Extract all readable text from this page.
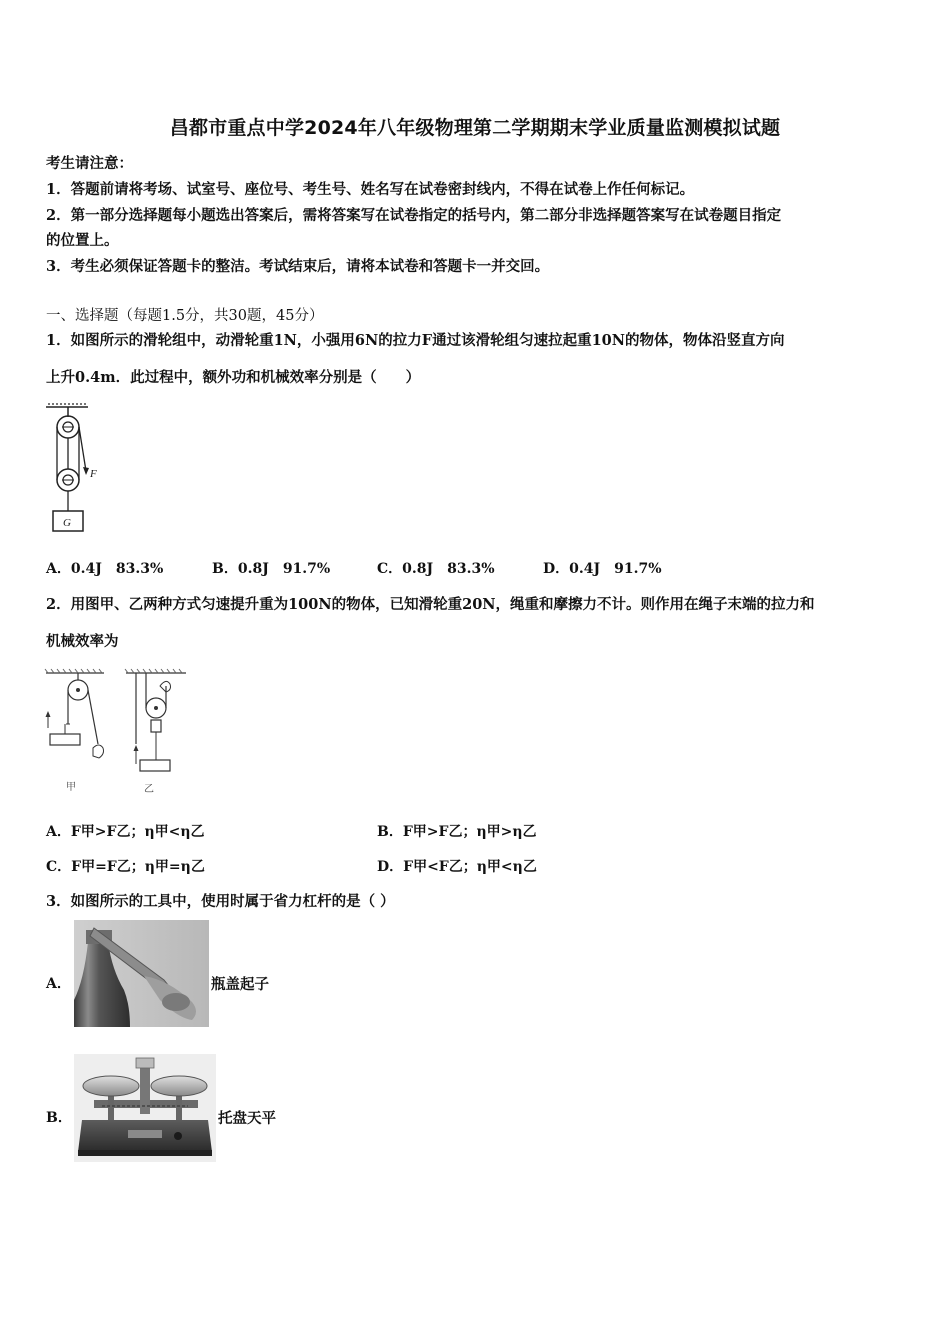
昌都市重点中学2024年八年级物理第二学期期末学业质量监测模拟试题
考生请注意：
1．答题前请将考场、试室号、座位号、考生号、姓名写在试卷密封线内，不得在试卷上作任何标记。
2．第一部分选择题每小题选出答案后，需将答案写在试卷指定的括号内，第二部分非选择题答案写在试卷题目指定
的位置上。
3．考生必须保证答题卡的整洁。考试结束后，请将本试卷和答题卡一并交回。
一、选择题（每题1.5分，共30题，45分）
1．如图所示的滑轮组中，动滑轮重1N，小强用6N的拉力F通过该滑轮组匀速拉起重10N的物体，物体沿竖直方向
上升0.4m．此过程中，额外功和机械效率分别是（　　）
F
G
A．0.4J　83.3%	B．0.8J　91.7%	C．0.8J　83.3%	D．0.4J　91.7%
2．用图甲、乙两种方式匀速提升重为100N的物体，已知滑轮重20N，绳重和摩擦力不计。则作用在绳子末端的拉力和
机械效率为
甲	乙
A．F甲>F乙；η甲<η乙	B．F甲>F乙；η甲>η乙
C．F甲=F乙；η甲=η乙	D．F甲<F乙；η甲<η乙
3．如图所示的工具中，使用时属于省力杠杆的是（ ）
A．	瓶盖起子
B．	托盘天平
